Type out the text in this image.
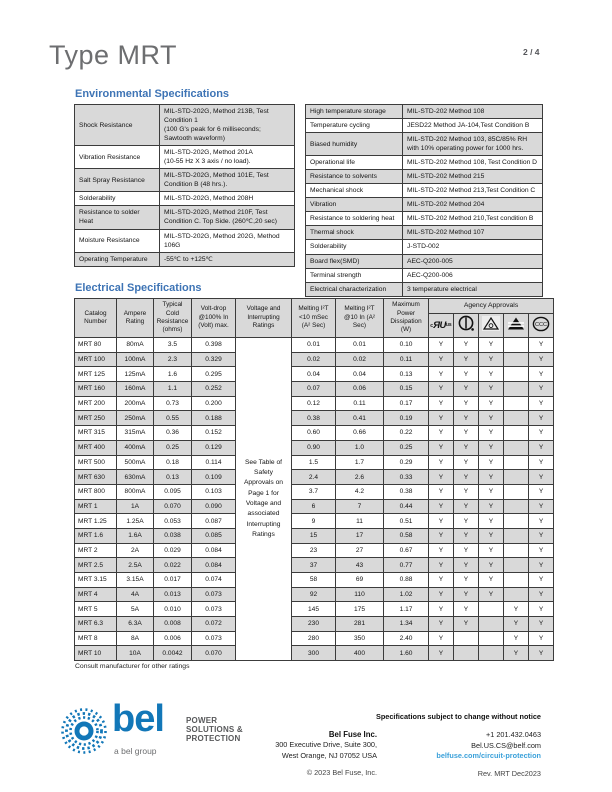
Type MRT	2 / 4
Environmental Specifications
Shock Resistance	MIL-STD-202G, Method 213B, Test Condition 1
(100 G's peak for 6 milliseconds; Sawtooth waveform)
Vibration Resistance	MIL-STD-202G, Method 201A
(10-55 Hz X 3 axis / no load).
Salt Spray Resistance	MIL-STD-202G, Method 101E, Test Condition B (48 hrs.).
Solderability	MIL-STD-202G, Method 208H
Resistance to solder Heat	MIL-STD-202G, Method 210F, Test Condition C. Top Side. (260℃,20 sec)
Moisture Resistance	MIL-STD-202G, Method 202G, Method 106G
Operating Temperature	-55℃ to +125℃
High temperature storage	MIL-STD-202 Method 108
Temperature cycling	JESD22 Method JA-104,Test Condition B
Biased humidity	MIL-STD-202 Method 103, 85C/85% RH with 10% operating power for 1000 hrs.
Operational life	MIL-STD-202 Method 108, Test Condition D
Resistance to solvents	MIL-STD-202 Method 215
Mechanical shock	MIL-STD-202 Method 213,Test Condition C
Vibration	MIL-STD-202 Method 204
Resistance to soldering heat	MIL-STD-202 Method 210,Test condition B
Thermal shock	MIL-STD-202 Method 107
Solderability	J-STD-002
Board flex(SMD)	AEC-Q200-005
Terminal strength	AEC-Q200-006
Electrical characterization	3 temperature electrical
Electrical Specifications
Catalog Number	Ampere Rating	Typical Cold Resistance (ohms)	Volt-drop @100% In (Volt) max.	Voltage and Interrupting Ratings	Melting I²T <10 mSec (A² Sec)	Melting I²T @10 In (A² Sec)	Maximum Power Dissipation (W)	Agency Approvals				

								c ЯU us				CCC

MRT 80	80mA	3.5	0.398	See Table of Safety Approvals on Page 1 for Voltage and associated Interrupting Ratings	0.01	0.01	0.10	Y	Y	Y		Y
MRT 100	100mA	2.3	0.329		0.02	0.02	0.11	Y	Y	Y		Y
MRT 125	125mA	1.6	0.295		0.04	0.04	0.13	Y	Y	Y		Y
MRT 160	160mA	1.1	0.252		0.07	0.06	0.15	Y	Y	Y		Y
MRT 200	200mA	0.73	0.200		0.12	0.11	0.17	Y	Y	Y		Y
MRT 250	250mA	0.55	0.188		0.38	0.41	0.19	Y	Y	Y		Y
MRT 315	315mA	0.36	0.152		0.60	0.66	0.22	Y	Y	Y		Y
MRT 400	400mA	0.25	0.129		0.90	1.0	0.25	Y	Y	Y		Y
MRT 500	500mA	0.18	0.114		1.5	1.7	0.29	Y	Y	Y		Y
MRT 630	630mA	0.13	0.109		2.4	2.6	0.33	Y	Y	Y		Y
MRT 800	800mA	0.095	0.103		3.7	4.2	0.38	Y	Y	Y		Y
MRT 1	1A	0.070	0.090		6	7	0.44	Y	Y	Y		Y
MRT 1.25	1.25A	0.053	0.087		9	11	0.51	Y	Y	Y		Y
MRT 1.6	1.6A	0.038	0.085		15	17	0.58	Y	Y	Y		Y
MRT 2	2A	0.029	0.084		23	27	0.67	Y	Y	Y		Y
MRT 2.5	2.5A	0.022	0.084		37	43	0.77	Y	Y	Y		Y
MRT 3.15	3.15A	0.017	0.074		58	69	0.88	Y	Y	Y		Y
MRT 4	4A	0.013	0.073		92	110	1.02	Y	Y	Y		Y
MRT 5	5A	0.010	0.073		145	175	1.17	Y	Y		Y	Y
MRT 6.3	6.3A	0.008	0.072		230	281	1.34	Y	Y		Y	Y
MRT 8	8A	0.006	0.073		280	350	2.40	Y			Y	Y
MRT 10	10A	0.0042	0.070		300	400	1.60	Y			Y	Y
Consult manufacturer for other ratings
bel	POWER
SOLUTIONS &
PROTECTION
a bel group
Specifications subject to change without notice
Bel Fuse Inc.
300 Executive Drive, Suite 300,
West Orange, NJ 07052 USA
© 2023 Bel Fuse, Inc.
+1 201.432.0463
Bel.US.CS@belf.com
belfuse.com/circuit-protection
Rev. MRT Dec2023
